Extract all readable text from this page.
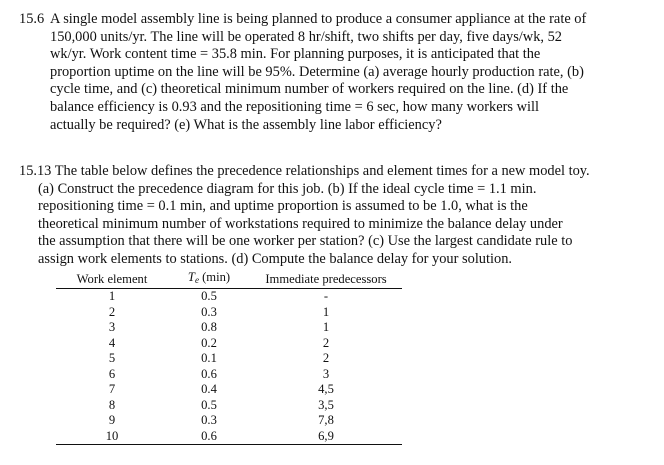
15.6 A single model assembly line is being planned to produce a consumer appliance at the rate of
150,000 units/yr. The line will be operated 8 hr/shift, two shifts per day, five days/wk, 52
wk/yr. Work content time = 35.8 min. For planning purposes, it is anticipated that the
proportion uptime on the line will be 95%. Determine (a) average hourly production rate, (b)
cycle time, and (c) theoretical minimum number of workers required on the line. (d) If the
balance efficiency is 0.93 and the repositioning time = 6 sec, how many workers will
actually be required? (e) What is the assembly line labor efficiency?
15.13 The table below defines the precedence relationships and element times for a new model toy.
(a) Construct the precedence diagram for this job. (b) If the ideal cycle time = 1.1 min.
repositioning time = 0.1 min, and uptime proportion is assumed to be 1.0, what is the
theoretical minimum number of workstations required to minimize the balance delay under
the assumption that there will be one worker per station? (c) Use the largest candidate rule to
assign work elements to stations. (d) Compute the balance delay for your solution.
Work element	Te (min)	Immediate predecessors
1	0.5	-
2	0.3	1
3	0.8	1
4	0.2	2
5	0.1	2
6	0.6	3
7	0.4	4,5
8	0.5	3,5
9	0.3	7,8
10	0.6	6,9
